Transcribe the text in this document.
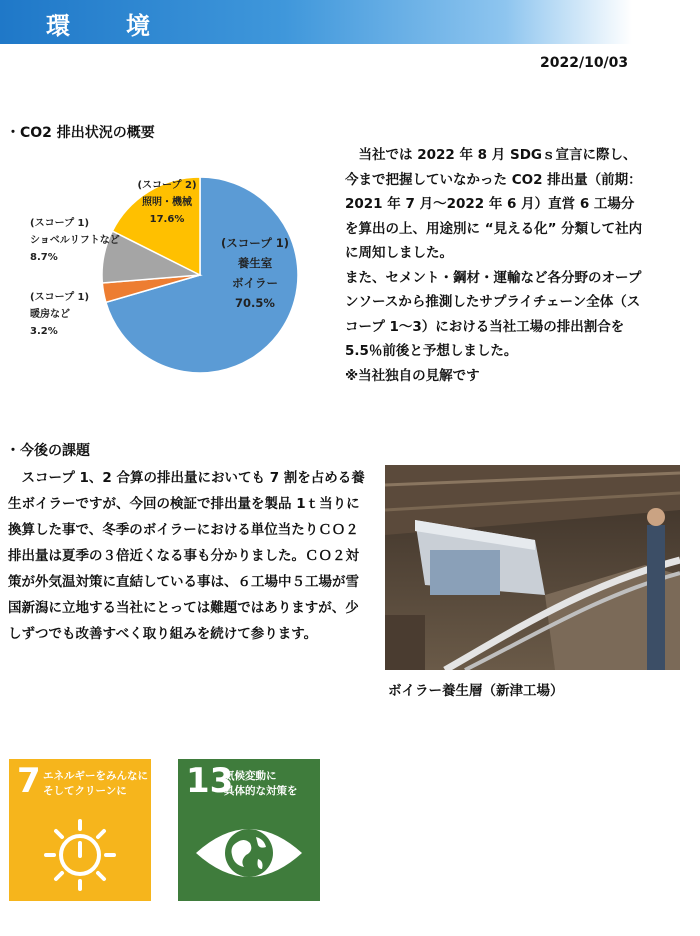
環　境
2022/10/03
・CO2 排出状況の概要
(スコープ 1)養生室ボイラー 70.5%
(スコープ 1)暖房など 3.2%
(スコープ 1)ショベルリフトなど 8.7%
(スコープ 2)照明・機械 17.6%

当社では 2022 年 8 月 SDGｓ宣言に際し、今まで把握していなかった CO2 排出量（前期：2021 年 7 月～2022 年 6 月）直営 6 工場分を算出の上、用途別に “見える化” 分類して社内に周知しました。

また、セメント・鋼材・運輸など各分野のオープンソースから推測したサプライチェーン全体（スコープ 1～3）における当社工場の排出割合を 5.5％前後と予想しました。

※当社独自の見解です

・今後の課題
スコープ 1、2 合算の排出量においても 7 割を占める養生ボイラーですが、今回の検証で排出量を製品 1ｔ当りに換算した事で、冬季のボイラーにおける単位当たりＣＯ２排出量は夏季の３倍近くなる事も分かりました。ＣＯ２対策が外気温対策に直結している事は、６工場中５工場が雪国新潟に立地する当社にとっては難題ではありますが、少しずつでも改善すべく取り組みを続けて参ります。
ボイラー養生層（新津工場）
7 エネルギーをみんなに
そしてクリーンに	13
気候変動に
具体的な対策を
